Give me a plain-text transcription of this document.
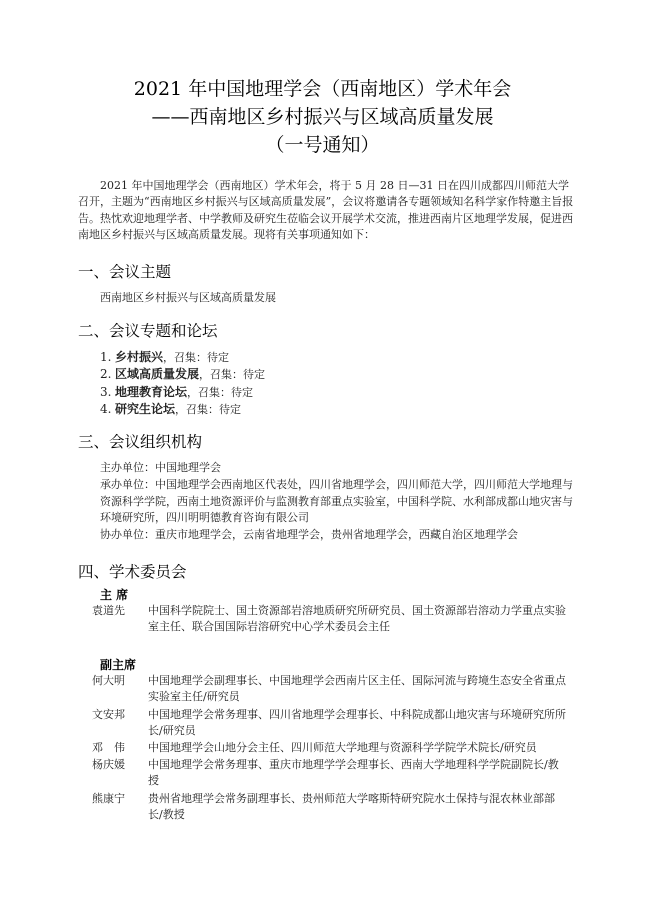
2021 年中国地理学会（西南地区）学术年会
——西南地区乡村振兴与区域高质量发展
（一号通知）
2021 年中国地理学会（西南地区）学术年会，将于 5 月 28 日—31 日在四川成都四川师范大学召开，主题为“西南地区乡村振兴与区域高质量发展”，会议将邀请各专题领域知名科学家作特邀主旨报告。热忱欢迎地理学者、中学教师及研究生莅临会议开展学术交流，推进西南片区地理学发展，促进西南地区乡村振兴与区域高质量发展。现将有关事项通知如下：
一、会议主题
西南地区乡村振兴与区域高质量发展
二、会议专题和论坛
1. 乡村振兴，召集：待定
2. 区域高质量发展，召集：待定
3. 地理教育论坛，召集：待定
4. 研究生论坛，召集：待定
三、会议组织机构
主办单位：中国地理学会
承办单位：中国地理学会西南地区代表处，四川省地理学会，四川师范大学，四川师范大学地理与资源科学学院，西南土地资源评价与监测教育部重点实验室，中国科学院、水利部成都山地灾害与环境研究所，四川明明德教育咨询有限公司
协办单位：重庆市地理学会，云南省地理学会，贵州省地理学会，西藏自治区地理学会
四、学术委员会
主 席
袁道先	中国科学院院士、国土资源部岩溶地质研究所研究员、国土资源部岩溶动力学重点实验室主任、联合国国际岩溶研究中心学术委员会主任
副主席
何大明	中国地理学会副理事长、中国地理学会西南片区主任、国际河流与跨境生态安全省重点实验室主任/研究员
文安邦	中国地理学会常务理事、四川省地理学会理事长、中科院成都山地灾害与环境研究所所长/研究员
邓　伟	中国地理学会山地分会主任、四川师范大学地理与资源科学学院学术院长/研究员
杨庆媛	中国地理学会常务理事、重庆市地理学学会理事长、西南大学地理科学学院副院长/教授
熊康宁	贵州省地理学会常务副理事长、贵州师范大学喀斯特研究院水土保持与混农林业部部长/教授
